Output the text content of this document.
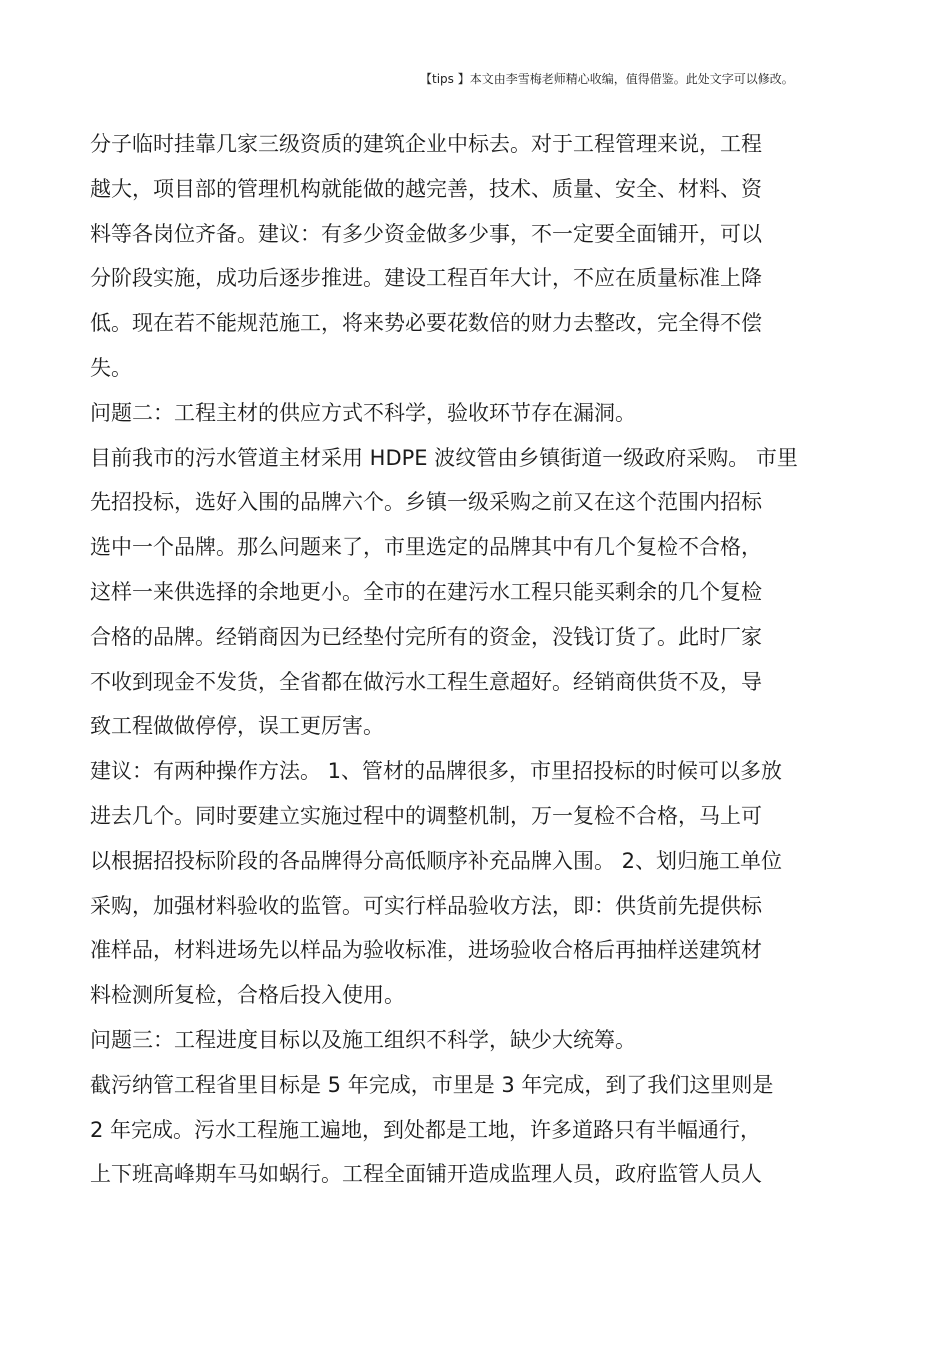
【tips 】本文由李雪梅老师精心收编，值得借鉴。此处文字可以修改。
分子临时挂靠几家三级资质的建筑企业中标去。对于工程管理来说，工程
越大，项目部的管理机构就能做的越完善，技术、质量、安全、材料、资
料等各岗位齐备。建议：有多少资金做多少事，不一定要全面铺开，可以
分阶段实施，成功后逐步推进。建设工程百年大计，不应在质量标准上降
低。现在若不能规范施工，将来势必要花数倍的财力去整改，完全得不偿
失。
问题二：工程主材的供应方式不科学，验收环节存在漏洞。
目前我市的污水管道主材采用 HDPE 波纹管由乡镇街道一级政府采购。 市里
先招投标，选好入围的品牌六个。乡镇一级采购之前又在这个范围内招标
选中一个品牌。那么问题来了，市里选定的品牌其中有几个复检不合格，
这样一来供选择的余地更小。全市的在建污水工程只能买剩余的几个复检
合格的品牌。经销商因为已经垫付完所有的资金，没钱订货了。此时厂家
不收到现金不发货，全省都在做污水工程生意超好。经销商供货不及，导
致工程做做停停，误工更厉害。
建议：有两种操作方法。 1、管材的品牌很多，市里招投标的时候可以多放
进去几个。同时要建立实施过程中的调整机制，万一复检不合格，马上可
以根据招投标阶段的各品牌得分高低顺序补充品牌入围。 2、划归施工单位
采购，加强材料验收的监管。可实行样品验收方法，即：供货前先提供标
准样品，材料进场先以样品为验收标准，进场验收合格后再抽样送建筑材
料检测所复检，合格后投入使用。
问题三：工程进度目标以及施工组织不科学，缺少大统筹。
截污纳管工程省里目标是 5 年完成，市里是 3 年完成，到了我们这里则是
2 年完成。污水工程施工遍地，到处都是工地，许多道路只有半幅通行，
上下班高峰期车马如蜗行。工程全面铺开造成监理人员，政府监管人员人
